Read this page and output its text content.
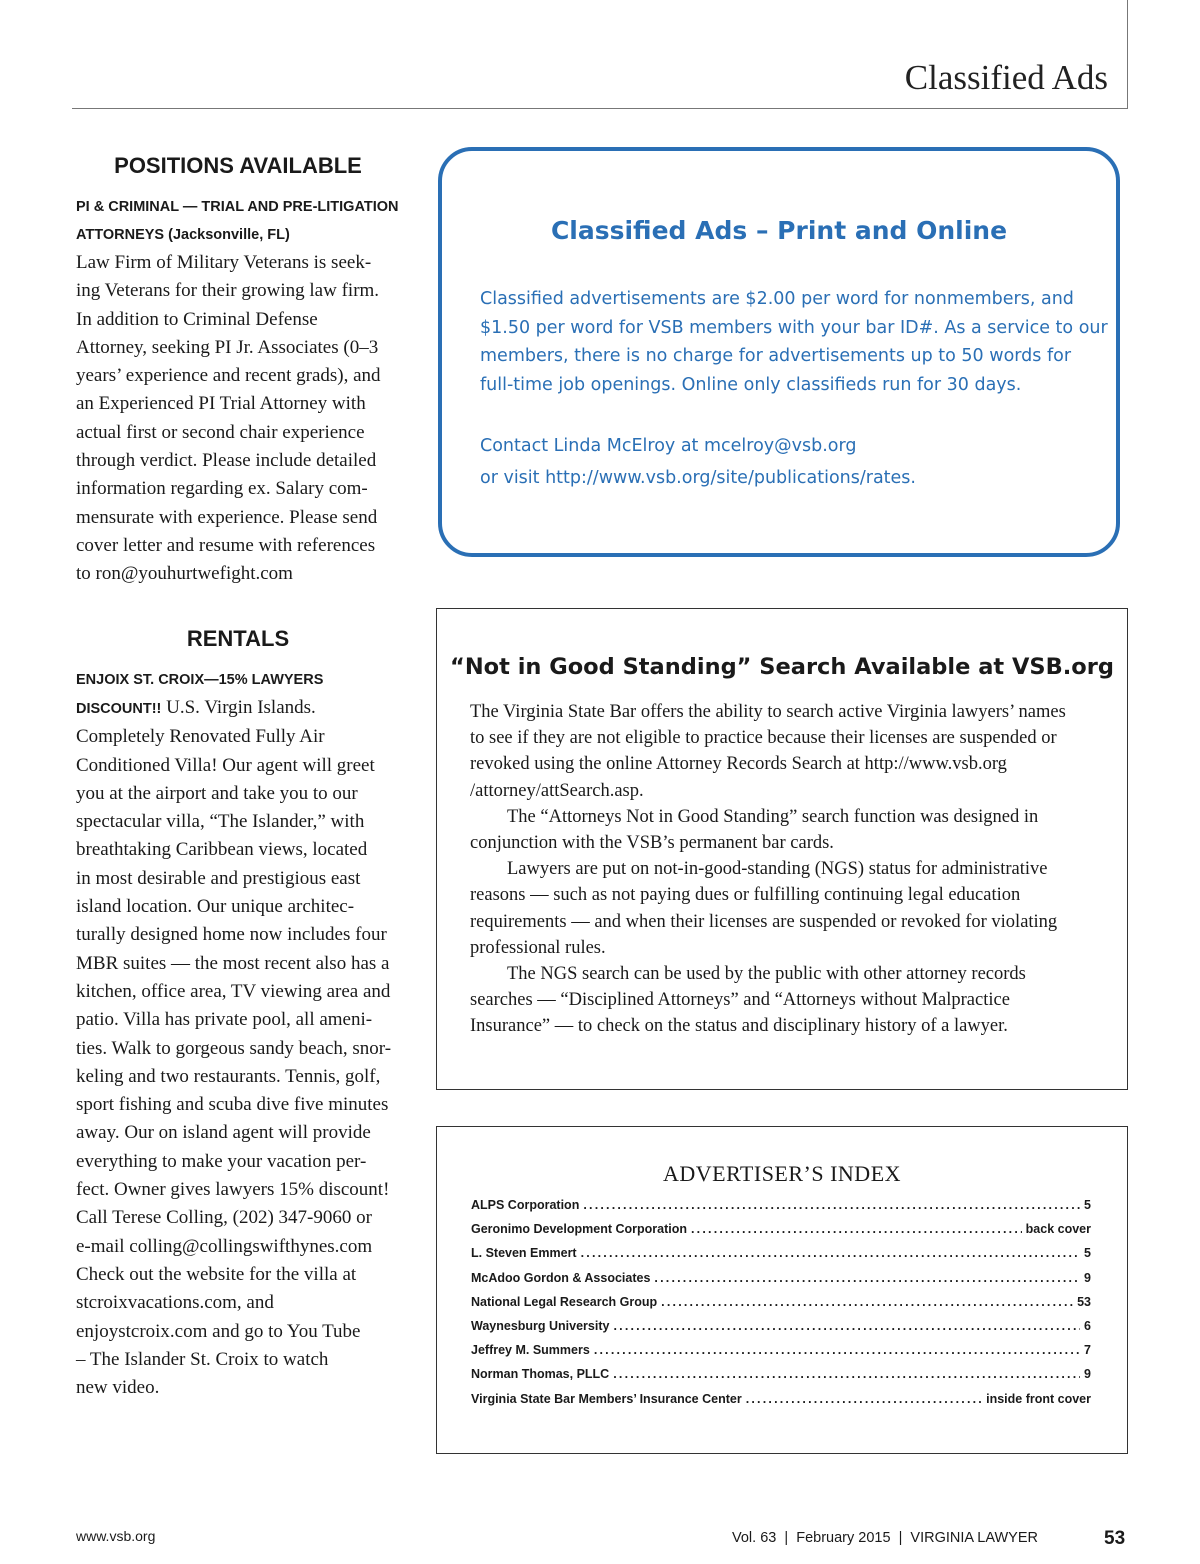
Classified Ads
POSITIONS AVAILABLE
PI & CRIMINAL — TRIAL AND PRE-LITIGATION
ATTORNEYS (Jacksonville, FL)
Law Firm of Military Veterans is seek-
ing Veterans for their growing law firm.
In addition to Criminal Defense
Attorney, seeking PI Jr. Associates (0–3
years’ experience and recent grads), and
an Experienced PI Trial Attorney with
actual first or second chair experience
through verdict. Please include detailed
information regarding ex. Salary com-
mensurate with experience. Please send
cover letter and resume with references
to ron@youhurtwefight.com
RENTALS
ENJOIX ST. CROIX—15% LAWYERS
DISCOUNT!! U.S. Virgin Islands.
Completely Renovated Fully Air
Conditioned Villa! Our agent will greet
you at the airport and take you to our
spectacular villa, “The Islander,” with
breathtaking Caribbean views, located
in most desirable and prestigious east
island location. Our unique architec-
turally designed home now includes four
MBR suites — the most recent also has a
kitchen, office area, TV viewing area and
patio. Villa has private pool, all ameni-
ties. Walk to gorgeous sandy beach, snor-
keling and two restaurants. Tennis, golf,
sport fishing and scuba dive five minutes
away. Our on island agent will provide
everything to make your vacation per-
fect. Owner gives lawyers 15% discount!
Call Terese Colling, (202) 347-9060 or
e-mail colling@collingswifthynes.com
Check out the website for the villa at
stcroixvacations.com, and
enjoystcroix.com and go to You Tube
– The Islander St. Croix to watch
new video.
Classified Ads – Print and Online
Classified advertisements are $2.00 per word for nonmembers, and
$1.50 per word for VSB members with your bar ID#. As a service to our
members, there is no charge for advertisements up to 50 words for
full-time job openings. Online only classifieds run for 30 days.
Contact Linda McElroy at mcelroy@vsb.org
or visit http://www.vsb.org/site/publications/rates.
“Not in Good Standing” Search Available at VSB.org
The Virginia State Bar offers the ability to search active Virginia lawyers’ names
to see if they are not eligible to practice because their licenses are suspended or
revoked using the online Attorney Records Search at http://www.vsb.org
/attorney/attSearch.asp.
The “Attorneys Not in Good Standing” search function was designed in
conjunction with the VSB’s permanent bar cards.
Lawyers are put on not-in-good-standing (NGS) status for administrative
reasons — such as not paying dues or fulfilling continuing legal education
requirements — and when their licenses are suspended or revoked for violating
professional rules.
The NGS search can be used by the public with other attorney records
searches — “Disciplined Attorneys” and “Attorneys without Malpractice
Insurance” — to check on the status and disciplinary history of a lawyer.
ADVERTISER’S INDEX
ALPS Corporation .....	5
Geronimo Development Corporation .....	back cover
L. Steven Emmert .....	5
McAdoo Gordon & Associates .....	9
National Legal Research Group .....	53
Waynesburg University .....	6
Jeffrey M. Summers .....	7
Norman Thomas, PLLC .....	9
Virginia State Bar Members’ Insurance Center .....	inside front cover
www.vsb.org	Vol. 63  |  February 2015  |  VIRGINIA LAWYER	53
